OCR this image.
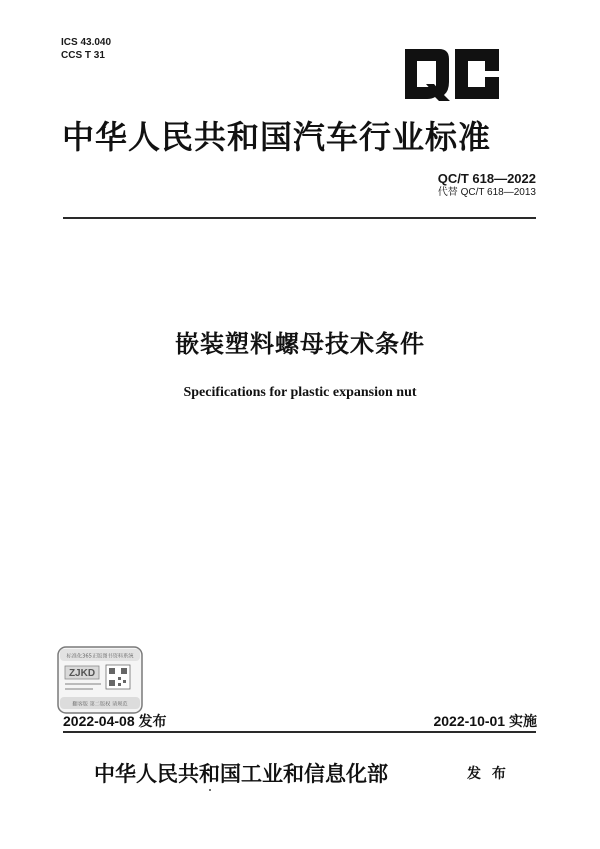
ICS 43.040
CCS T 31
中华人民共和国汽车行业标准
QC/T 618—2022
代替 QC/T 618—2013
嵌装塑料螺母技术条件
Specifications for plastic expansion nut
标准化365正版图书资料系统
ZJKD
翻客版 第二版权 请规范
2022-04-08 发布	2022-10-01 实施
中华人民共和国工业和信息化部	发 布
